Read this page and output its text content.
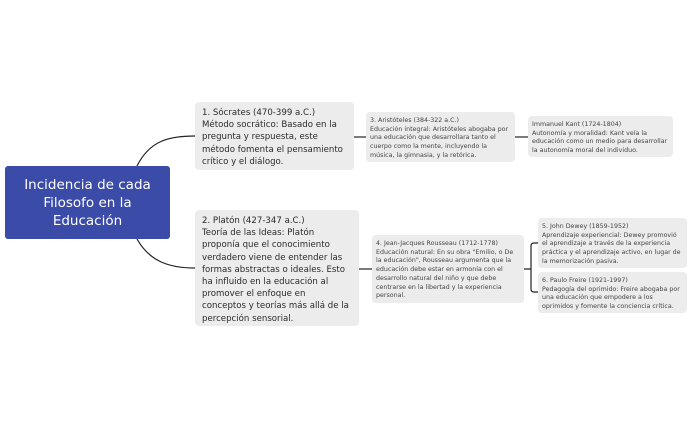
Incidencia de cada Filosofo en la Educación
1. Sócrates (470-399 a.C.)
Método socrático: Basado en la pregunta y respuesta, este método fomenta el pensamiento crítico y el diálogo.
2. Platón (427-347 a.C.)
Teoría de las Ideas: Platón proponía que el conocimiento verdadero viene de entender las formas abstractas o ideales. Esto ha influido en la educación al promover el enfoque en conceptos y teorías más allá de la percepción sensorial.
3. Aristóteles (384-322 a.C.)
Educación integral: Aristóteles abogaba por una educación que desarrollara tanto el cuerpo como la mente, incluyendo la música, la gimnasia, y la retórica.
Immanuel Kant (1724-1804)
Autonomía y moralidad: Kant veía la educación como un medio para desarrollar la autonomía moral del individuo.
4. Jean-Jacques Rousseau (1712-1778)
Educación natural: En su obra "Emilio, o De la educación", Rousseau argumenta que la educación debe estar en armonía con el desarrollo natural del niño y que debe centrarse en la libertad y la experiencia personal.
5. John Dewey (1859-1952)
Aprendizaje experiencial: Dewey promovió el aprendizaje a través de la experiencia práctica y el aprendizaje activo, en lugar de la memorización pasiva.
6. Paulo Freire (1921-1997)
Pedagogía del oprimido: Freire abogaba por una educación que empodere a los oprimidos y fomente la conciencia crítica.
